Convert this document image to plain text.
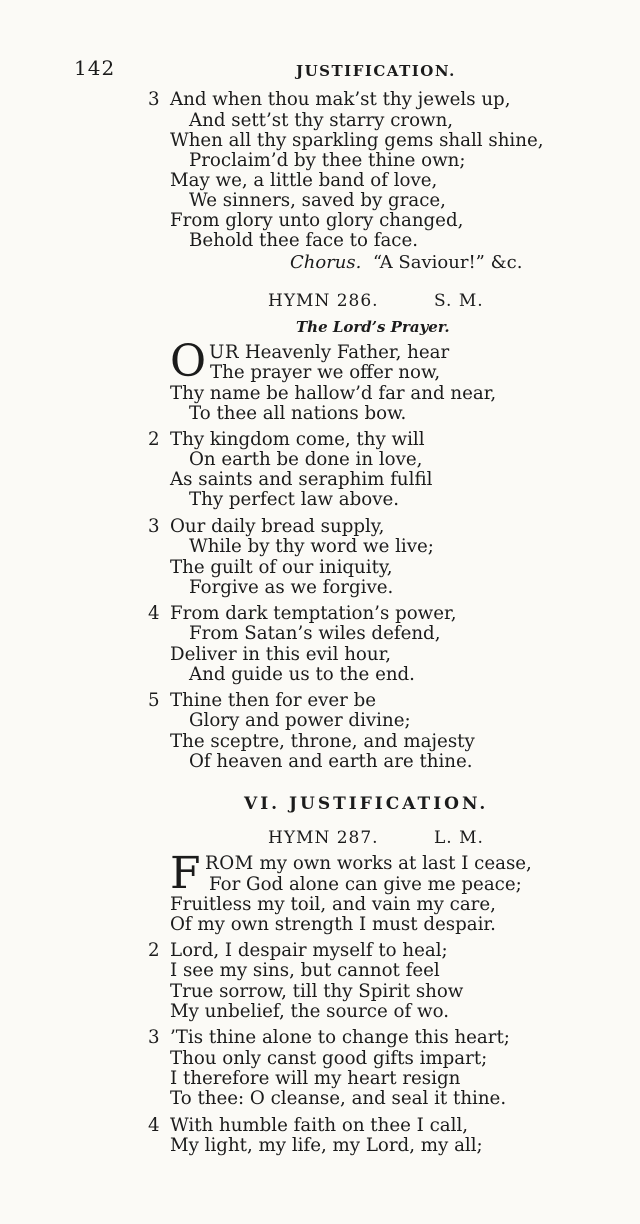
142	JUSTIFICATION.
3 And when thou mak’st thy jewels up,
And sett’st thy starry crown,
When all thy sparkling gems shall shine,
Proclaim’d by thee thine own;
May we, a little band of love,
We sinners, saved by grace,
From glory unto glory changed,
Behold thee face to face.
Chorus. “A Saviour!” &c.
HYMN 286.	S. M.
The Lord’s Prayer.
O UR Heavenly Father, hear
The prayer we offer now,
Thy name be hallow’d far and near,
To thee all nations bow.
2 Thy kingdom come, thy will
On earth be done in love,
As saints and seraphim fulfil
Thy perfect law above.
3 Our daily bread supply,
While by thy word we live;
The guilt of our iniquity,
Forgive as we forgive.
4 From dark temptation’s power,
From Satan’s wiles defend,
Deliver in this evil hour,
And guide us to the end.
5 Thine then for ever be
Glory and power divine;
The sceptre, throne, and majesty
Of heaven and earth are thine.
VI. JUSTIFICATION.
HYMN 287.	L. M.
F ROM my own works at last I cease,
For God alone can give me peace;
Fruitless my toil, and vain my care,
Of my own strength I must despair.
2 Lord, I despair myself to heal;
I see my sins, but cannot feel
True sorrow, till thy Spirit show
My unbelief, the source of wo.
3 ’Tis thine alone to change this heart;
Thou only canst good gifts impart;
I therefore will my heart resign
To thee: O cleanse, and seal it thine.
4 With humble faith on thee I call,
My light, my life, my Lord, my all;
